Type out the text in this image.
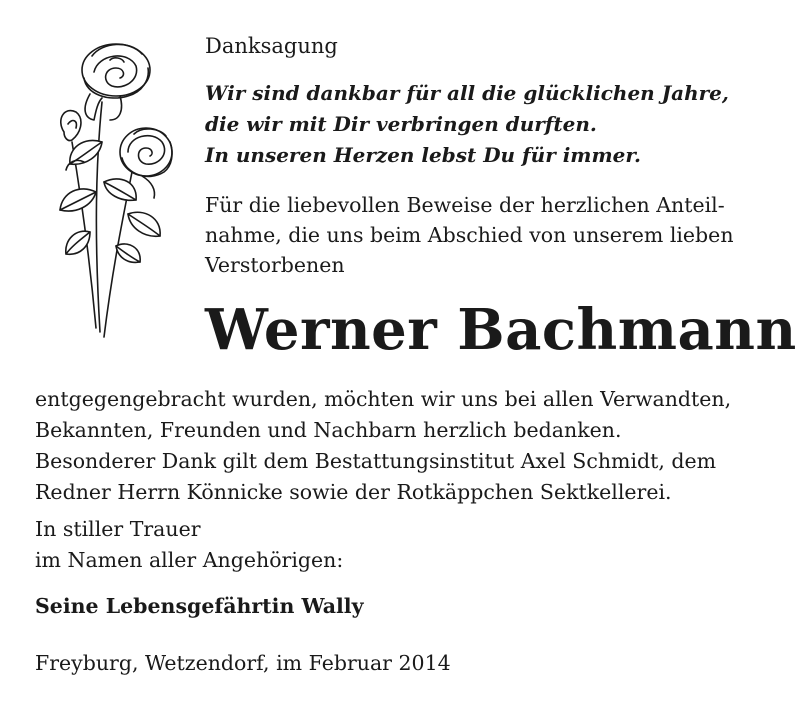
Danksagung
Wir sind dankbar für all die glücklichen Jahre,
die wir mit Dir verbringen durften.
In unseren Herzen lebst Du für immer.
Für die liebevollen Beweise der herzlichen Anteil-
nahme, die uns beim Abschied von unserem lieben
Verstorbenen
Werner Bachmann
entgegengebracht wurden, möchten wir uns bei allen Verwandten,
Bekannten, Freunden und Nachbarn herzlich bedanken.
Besonderer Dank gilt dem Bestattungsinstitut Axel Schmidt, dem
Redner Herrn Könnicke sowie der Rotkäppchen Sektkellerei.
In stiller Trauer
im Namen aller Angehörigen:
Seine Lebensgefährtin Wally
Freyburg, Wetzendorf, im Februar 2014
